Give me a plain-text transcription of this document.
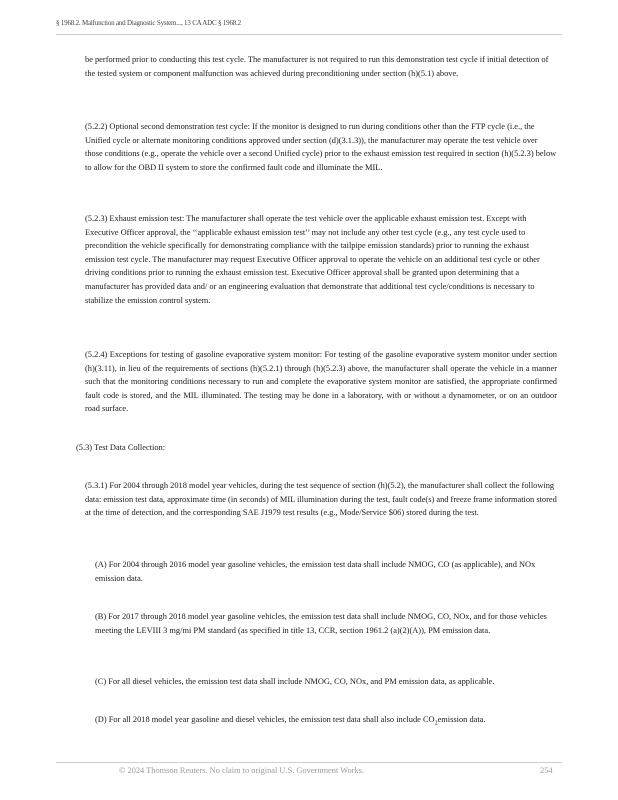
§ 1968.2. Malfunction and Diagnostic System..., 13 CA ADC § 1968.2

be performed prior to conducting this test cycle. The manufacturer is not required to run this demonstration test cycle if initial detection of the tested system or component malfunction was achieved during preconditioning under section (h)(5.1) above.

(5.2.2) Optional second demonstration test cycle: If the monitor is designed to run during conditions other than the FTP cycle (i.e., the Unified cycle or alternate monitoring conditions approved under section (d)(3.1.3)), the manufacturer may operate the test vehicle over those conditions (e.g., operate the vehicle over a second Unified cycle) prior to the exhaust emission test required in section (h)(5.2.3) below to allow for the OBD II system to store the confirmed fault code and illuminate the MIL.

(5.2.3) Exhaust emission test: The manufacturer shall operate the test vehicle over the applicable exhaust emission test. Except with Executive Officer approval, the ‘‘applicable exhaust emission test’’ may not include any other test cycle (e.g., any test cycle used to precondition the vehicle specifically for demonstrating compliance with the tailpipe emission standards) prior to running the exhaust emission test cycle. The manufacturer may request Executive Officer approval to operate the vehicle on an additional test cycle or other driving conditions prior to running the exhaust emission test. Executive Officer approval shall be granted upon determining that a manufacturer has provided data and/ or an engineering evaluation that demonstrate that additional test cycle/conditions is necessary to stabilize the emission control system.

(5.2.4) Exceptions for testing of gasoline evaporative system monitor: For testing of the gasoline evaporative system monitor under section (h)(3.11), in lieu of the requirements of sections (h)(5.2.1) through (h)(5.2.3) above, the manufacturer shall operate the vehicle in a manner such that the monitoring conditions necessary to run and complete the evaporative system monitor are satisfied, the appropriate confirmed fault code is stored, and the MIL illuminated. The testing may be done in a laboratory, with or without a dynamometer, or on an outdoor road surface.

(5.3) Test Data Collection:

(5.3.1) For 2004 through 2018 model year vehicles, during the test sequence of section (h)(5.2), the manufacturer shall collect the following data: emission test data, approximate time (in seconds) of MIL illumination during the test, fault code(s) and freeze frame information stored at the time of detection, and the corresponding SAE J1979 test results (e.g., Mode/Service $06) stored during the test.

(A) For 2004 through 2016 model year gasoline vehicles, the emission test data shall include NMOG, CO (as applicable), and NOx emission data.

(B) For 2017 through 2018 model year gasoline vehicles, the emission test data shall include NMOG, CO, NOx, and for those vehicles meeting the LEVIII 3 mg/mi PM standard (as specified in title 13, CCR, section 1961.2 (a)(2)(A)), PM emission data.

(C) For all diesel vehicles, the emission test data shall include NMOG, CO, NOx, and PM emission data, as applicable.

(D) For all 2018 model year gasoline and diesel vehicles, the emission test data shall also include $CO_2emission$ data.

© 2024 Thomson Reuters. No claim to original U.S. Government Works.	254
